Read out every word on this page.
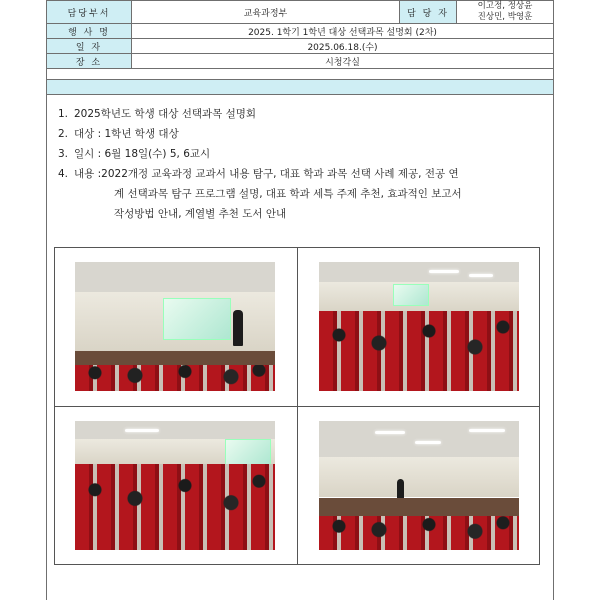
담당부서	교육과정부	담 당 자	이고정, 정상윤
진상민, 박영훈

행 사 명	2025. 1학기 1학년 대상 선택과목 설명회 (2차)		
일 자	2025.06.18.(수)		
장 소	시청각실		

1. 2025학년도 학생 대상 선택과목 설명회
2. 대상 : 1학년 학생 대상
3. 일시 : 6월 18일(수) 5, 6교시
4. 내용 : 2022개정 교육과정 교과서 내용 탐구, 대표 학과 과목 선택 사례 제공, 전공 연
계 선택과목 탐구 프로그램 설명, 대표 학과 세특 주제 추천, 효과적인 보고서
작성방법 안내, 계열별 추천 도서 안내
